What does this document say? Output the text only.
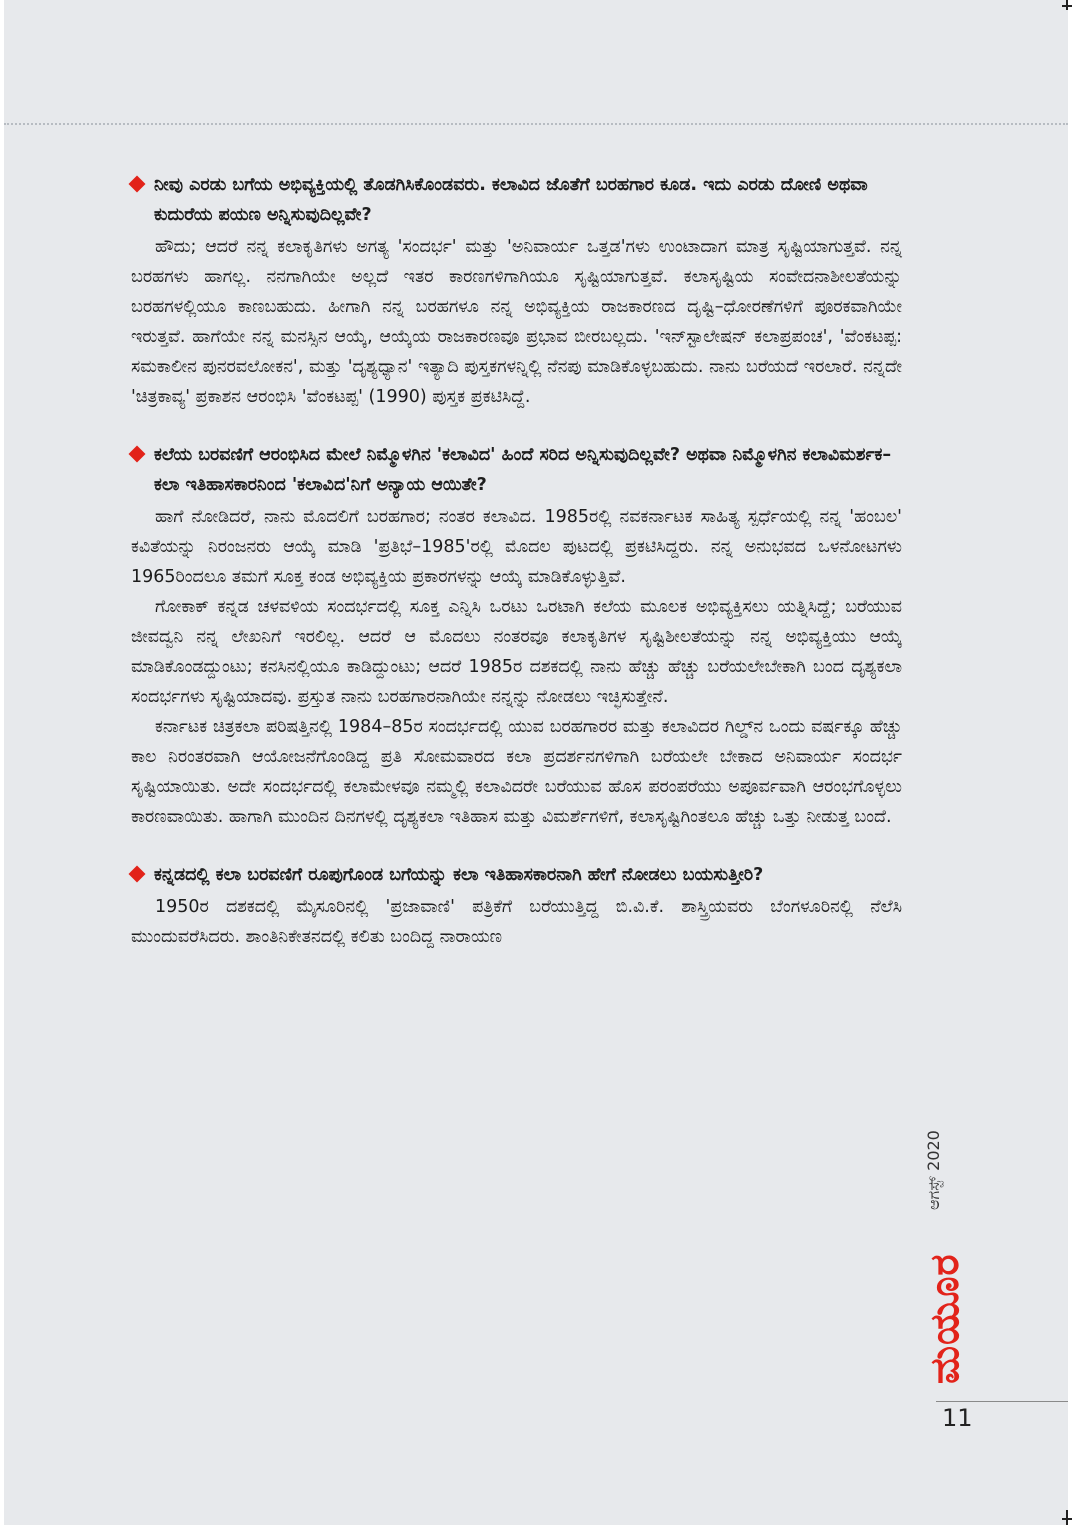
ನೀವು ಎರಡು ಬಗೆಯ ಅಭಿವ್ಯಕ್ತಿಯಲ್ಲಿ ತೊಡಗಿಸಿಕೊಂಡವರು. ಕಲಾವಿದ ಜೊತೆಗೆ ಬರಹಗಾರ ಕೂಡ. ಇದು ಎರಡು ದೋಣಿ ಅಥವಾ ಕುದುರೆಯ ಪಯಣ ಅನ್ನಿಸುವುದಿಲ್ಲವೇ?

ಹೌದು; ಆದರೆ ನನ್ನ ಕಲಾಕೃತಿಗಳು ಅಗತ್ಯ 'ಸಂದರ್ಭ' ಮತ್ತು 'ಅನಿವಾರ್ಯ ಒತ್ತಡ'ಗಳು ಉಂಟಾದಾಗ ಮಾತ್ರ ಸೃಷ್ಟಿಯಾಗುತ್ತವೆ. ನನ್ನ ಬರಹಗಳು ಹಾಗಲ್ಲ. ನನಗಾಗಿಯೇ ಅಲ್ಲದೆ ಇತರ ಕಾರಣಗಳಿಗಾಗಿಯೂ ಸೃಷ್ಟಿಯಾಗುತ್ತವೆ. ಕಲಾಸೃಷ್ಟಿಯ ಸಂವೇದನಾಶೀಲತೆಯನ್ನು ಬರಹಗಳಲ್ಲಿಯೂ ಕಾಣಬಹುದು. ಹೀಗಾಗಿ ನನ್ನ ಬರಹಗಳೂ ನನ್ನ ಅಭಿವ್ಯಕ್ತಿಯ ರಾಜಕಾರಣದ ದೃಷ್ಟಿ–ಧೋರಣೆಗಳಿಗೆ ಪೂರಕವಾಗಿಯೇ ಇರುತ್ತವೆ. ಹಾಗೆಯೇ ನನ್ನ ಮನಸ್ಸಿನ ಆಯ್ಕೆ, ಆಯ್ಕೆಯ ರಾಜಕಾರಣವೂ ಪ್ರಭಾವ ಬೀರಬಲ್ಲದು. 'ಇನ್‌ಸ್ಟಾಲೇಷನ್ ಕಲಾಪ್ರಪಂಚ', 'ವೆಂಕಟಪ್ಪ: ಸಮಕಾಲೀನ ಪುನರವಲೋಕನ', ಮತ್ತು 'ದೃಶ್ಯಧ್ಯಾನ' ಇತ್ಯಾದಿ ಪುಸ್ತಕಗಳನ್ನಿಲ್ಲಿ ನೆನಪು ಮಾಡಿಕೊಳ್ಳಬಹುದು. ನಾನು ಬರೆಯದೆ ಇರಲಾರೆ. ನನ್ನದೇ 'ಚಿತ್ರಕಾವ್ಯ' ಪ್ರಕಾಶನ ಆರಂಭಿಸಿ 'ವೆಂಕಟಪ್ಪ' (1990) ಪುಸ್ತಕ ಪ್ರಕಟಿಸಿದ್ದೆ.

ಕಲೆಯ ಬರವಣಿಗೆ ಆರಂಭಿಸಿದ ಮೇಲೆ ನಿಮ್ಮೊಳಗಿನ 'ಕಲಾವಿದ' ಹಿಂದೆ ಸರಿದ ಅನ್ನಿಸುವುದಿಲ್ಲವೇ? ಅಥವಾ ನಿಮ್ಮೊಳಗಿನ ಕಲಾವಿಮರ್ಶಕ–ಕಲಾ ಇತಿಹಾಸಕಾರನಿಂದ 'ಕಲಾವಿದ'ನಿಗೆ ಅನ್ಯಾಯ ಆಯಿತೇ?

ಹಾಗೆ ನೋಡಿದರೆ, ನಾನು ಮೊದಲಿಗೆ ಬರಹಗಾರ; ನಂತರ ಕಲಾವಿದ. 1985ರಲ್ಲಿ ನವಕರ್ನಾಟಕ ಸಾಹಿತ್ಯ ಸ್ಪರ್ಧೆಯಲ್ಲಿ ನನ್ನ 'ಹಂಬಲ' ಕವಿತೆಯನ್ನು ನಿರಂಜನರು ಆಯ್ಕೆ ಮಾಡಿ 'ಪ್ರತಿಭೆ–1985'ರಲ್ಲಿ ಮೊದಲ ಪುಟದಲ್ಲಿ ಪ್ರಕಟಿಸಿದ್ದರು. ನನ್ನ ಅನುಭವದ ಒಳನೋಟಗಳು 1965ರಿಂದಲೂ ತಮಗೆ ಸೂಕ್ತ ಕಂಡ ಅಭಿವ್ಯಕ್ತಿಯ ಪ್ರಕಾರಗಳನ್ನು ಆಯ್ಕೆ ಮಾಡಿಕೊಳ್ಳುತ್ತಿವೆ.

ಗೋಕಾಕ್ ಕನ್ನಡ ಚಳವಳಿಯ ಸಂದರ್ಭದಲ್ಲಿ ಸೂಕ್ತ ಎನ್ನಿಸಿ ಒರಟು ಒರಟಾಗಿ ಕಲೆಯ ಮೂಲಕ ಅಭಿವ್ಯಕ್ತಿಸಲು ಯತ್ನಿಸಿದ್ದೆ; ಬರೆಯುವ ಜೀವದ್ವನಿ ನನ್ನ ಲೇಖನಿಗೆ ಇರಲಿಲ್ಲ. ಆದರೆ ಆ ಮೊದಲು ನಂತರವೂ ಕಲಾಕೃತಿಗಳ ಸೃಷ್ಟಿಶೀಲತೆಯನ್ನು ನನ್ನ ಅಭಿವ್ಯಕ್ತಿಯು ಆಯ್ಕೆ ಮಾಡಿಕೊಂಡದ್ದುಂಟು; ಕನಸಿನಲ್ಲಿಯೂ ಕಾಡಿದ್ದುಂಟು; ಆದರೆ 1985ರ ದಶಕದಲ್ಲಿ ನಾನು ಹೆಚ್ಚು ಹೆಚ್ಚು ಬರೆಯಲೇಬೇಕಾಗಿ ಬಂದ ದೃಶ್ಯಕಲಾ ಸಂದರ್ಭಗಳು ಸೃಷ್ಟಿಯಾದವು. ಪ್ರಸ್ತುತ ನಾನು ಬರಹಗಾರನಾಗಿಯೇ ನನ್ನನ್ನು ನೋಡಲು ಇಚ್ಛಿಸುತ್ತೇನೆ.

ಕರ್ನಾಟಕ ಚಿತ್ರಕಲಾ ಪರಿಷತ್ತಿನಲ್ಲಿ 1984–85ರ ಸಂದರ್ಭದಲ್ಲಿ ಯುವ ಬರಹಗಾರರ ಮತ್ತು ಕಲಾವಿದರ ಗಿಲ್ಡ್‌ನ ಒಂದು ವರ್ಷಕ್ಕೂ ಹೆಚ್ಚು ಕಾಲ ನಿರಂತರವಾಗಿ ಆಯೋಜನೆಗೊಂಡಿದ್ದ ಪ್ರತಿ ಸೋಮವಾರದ ಕಲಾ ಪ್ರದರ್ಶನಗಳಿಗಾಗಿ ಬರೆಯಲೇ ಬೇಕಾದ ಅನಿವಾರ್ಯ ಸಂದರ್ಭ ಸೃಷ್ಟಿಯಾಯಿತು. ಅದೇ ಸಂದರ್ಭದಲ್ಲಿ ಕಲಾಮೇಳವೂ ನಮ್ಮಲ್ಲಿ ಕಲಾವಿದರೇ ಬರೆಯುವ ಹೊಸ ಪರಂಪರೆಯು ಅಪೂರ್ವವಾಗಿ ಆರಂಭಗೊಳ್ಳಲು ಕಾರಣವಾಯಿತು. ಹಾಗಾಗಿ ಮುಂದಿನ ದಿನಗಳಲ್ಲಿ ದೃಶ್ಯಕಲಾ ಇತಿಹಾಸ ಮತ್ತು ವಿಮರ್ಶೆಗಳಿಗೆ, ಕಲಾಸೃಷ್ಟಿಗಿಂತಲೂ ಹೆಚ್ಚು ಒತ್ತು ನೀಡುತ್ತ ಬಂದೆ.

ಕನ್ನಡದಲ್ಲಿ ಕಲಾ ಬರವಣಿಗೆ ರೂಪುಗೊಂಡ ಬಗೆಯನ್ನು ಕಲಾ ಇತಿಹಾಸಕಾರನಾಗಿ ಹೇಗೆ ನೋಡಲು ಬಯಸುತ್ತೀರಿ?

1950ರ ದಶಕದಲ್ಲಿ ಮೈಸೂರಿನಲ್ಲಿ 'ಪ್ರಜಾವಾಣಿ' ಪತ್ರಿಕೆಗೆ ಬರೆಯುತ್ತಿದ್ದ ಬಿ.ವಿ.ಕೆ. ಶಾಸ್ತ್ರಿಯವರು ಬೆಂಗಳೂರಿನಲ್ಲಿ ನೆಲೆಸಿ ಮುಂದುವರೆಸಿದರು. ಶಾಂತಿನಿಕೇತನದಲ್ಲಿ ಕಲಿತು ಬಂದಿದ್ದ ನಾರಾಯಣ

ಆಗಸ್ಟ್ 2020
ಮಯೂರ
11
